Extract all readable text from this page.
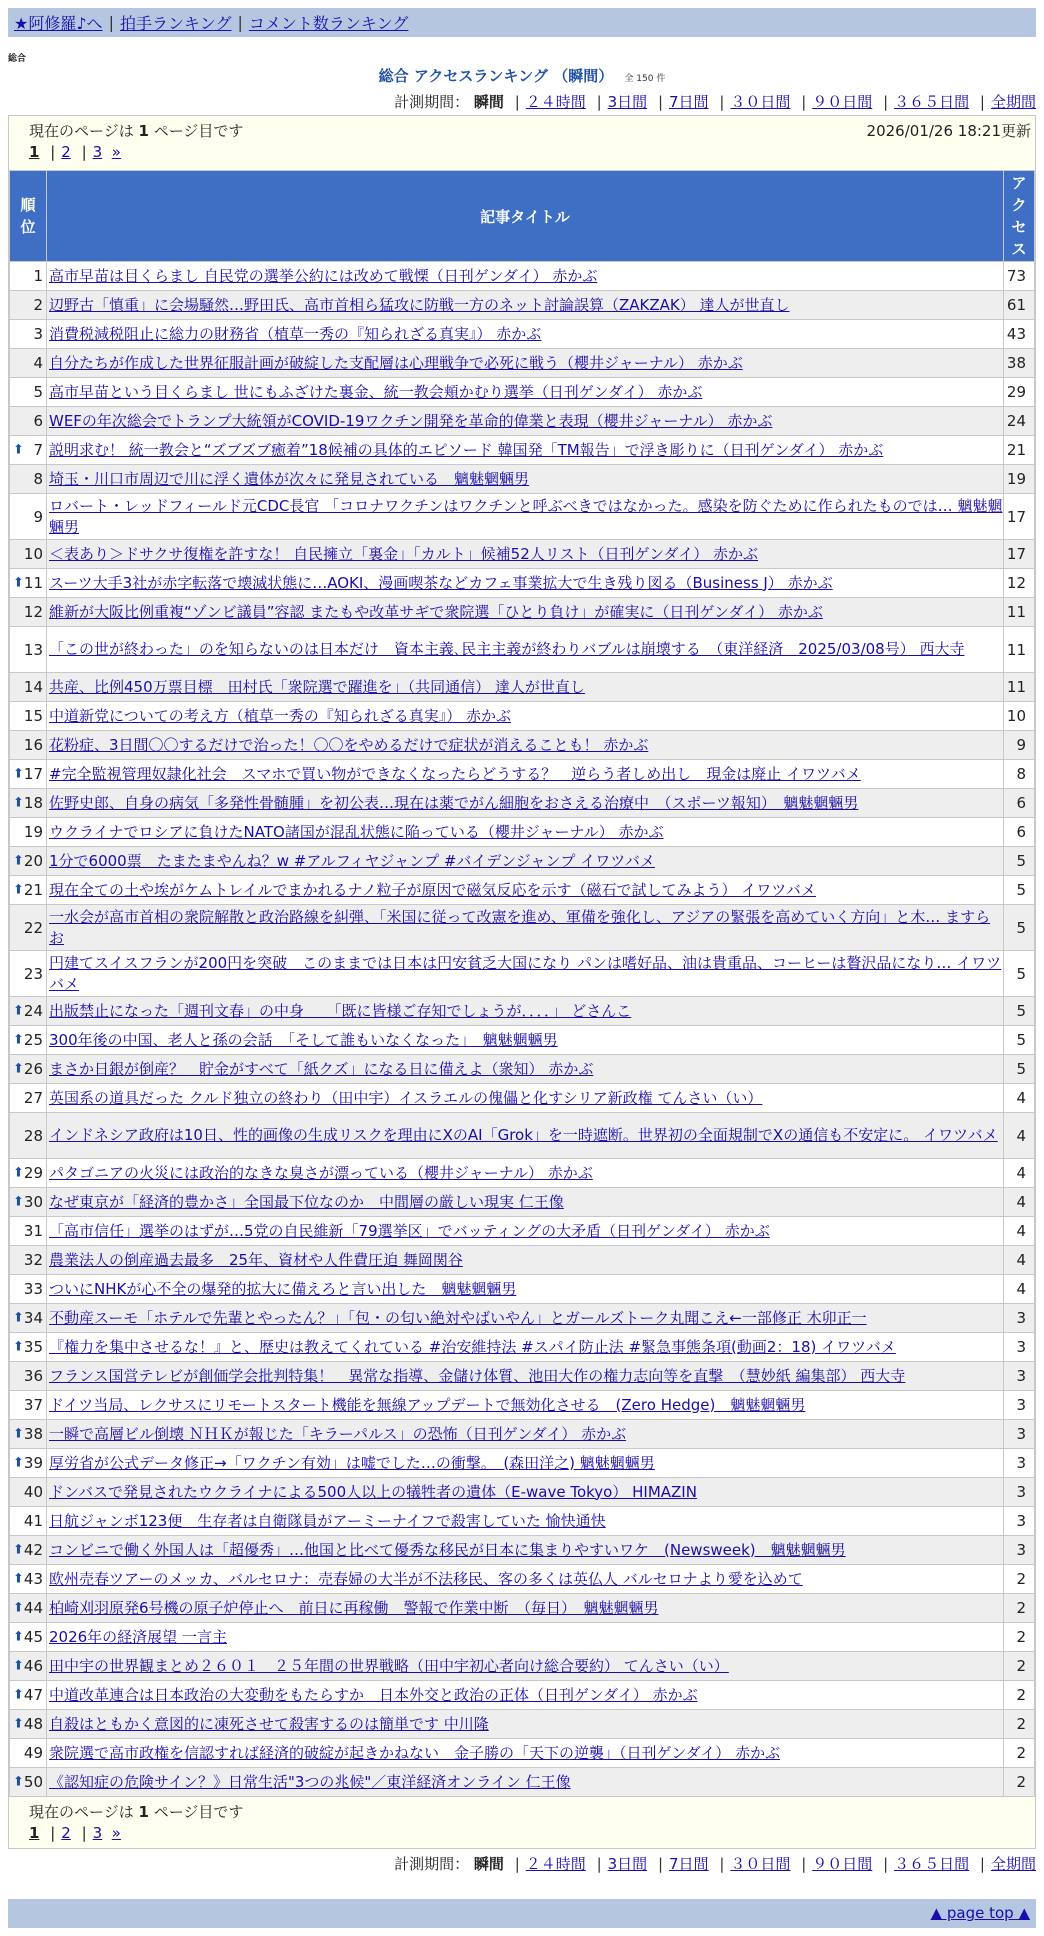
★阿修羅♪へ | 拍手ランキング | コメント数ランキング
総合
総合 アクセスランキング （瞬間） 全 150 件
計測期間： 瞬間 | ２４時間 | 3日間 | 7日間 | ３０日間 | ９０日間 | ３６５日間 | 全期間
現在のページは 1 ページ目です	2026/01/26 18:21更新
1 | 2 | 3 »
順位	記事タイトル	アクセス
1	高市早苗は目くらまし 自民党の選挙公約には改めて戦慄（日刊ゲンダイ） 赤かぶ	73
2	辺野古「慎重」に会場騒然…野田氏、高市首相ら猛攻に防戦一方のネット討論誤算（ZAKZAK） 達人が世直し	61
3	消費税減税阻止に総力の財務省（植草一秀の『知られざる真実』） 赤かぶ	43
4	自分たちが作成した世界征服計画が破綻した支配層は心理戦争で必死に戦う（櫻井ジャーナル） 赤かぶ	38
5	高市早苗という目くらまし 世にもふざけた裏金、統一教会頬かむり選挙（日刊ゲンダイ） 赤かぶ	29
6	WEFの年次総会でトランプ大統領がCOVID-19ワクチン開発を革命的偉業と表現（櫻井ジャーナル） 赤かぶ	24

⬆ 7	説明求む！ 統一教会と“ズブズブ癒着”18候補の具体的エピソード 韓国発「TM報告」で浮き彫りに（日刊ゲンダイ） 赤かぶ	21
8	埼玉・川口市周辺で川に浮く遺体が次々に発見されている　魑魅魍魎男	19
9	ロバート・レッドフィールド元CDC長官 「コロナワクチンはワクチンと呼ぶべきではなかった。感染を防ぐために作られたものでは… 魑魅魍魎男	17
10	＜表あり＞ドサクサ復権を許すな！ 自民擁立「裏金」「カルト」候補52人リスト（日刊ゲンダイ） 赤かぶ	17

⬆ 11	スーツ大手3社が赤字転落で壊滅状態に…AOKI、漫画喫茶などカフェ事業拡大で生き残り図る（Business J） 赤かぶ	12
12	維新が大阪比例重複“ゾンビ議員”容認 またもや改革サギで衆院選「ひとり負け」が確実に（日刊ゲンダイ） 赤かぶ	11
13	「この世が終わった」のを知らないのは日本だけ　資本主義､民主主義が終わりバブルは崩壊する　（東洋経済　2025/03/08号） 西大寺	11
14	共産、比例450万票目標　田村氏「衆院選で躍進を」（共同通信） 達人が世直し	11
15	中道新党についての考え方（植草一秀の『知られざる真実』） 赤かぶ	10
16	花粉症、3日間〇〇するだけで治った！〇〇をやめるだけで症状が消えることも！ 赤かぶ	9

⬆ 17	#完全監視管理奴隷化社会　スマホで買い物ができなくなったらどうする？　逆らう者しめ出し　現金は廃止 イワツバメ	8

⬆ 18	佐野史郎、自身の病気「多発性骨髄腫」を初公表…現在は薬でがん細胞をおさえる治療中　（スポーツ報知）　魑魅魍魎男	6
19	ウクライナでロシアに負けたNATO諸国が混乱状態に陥っている（櫻井ジャーナル） 赤かぶ	6

⬆ 20	1分で6000票　たまたまやんね？w #アルフィヤジャンプ #バイデンジャンプ イワツバメ	5

⬆ 21	現在全ての土や埃がケムトレイルでまかれるナノ粒子が原因で磁気反応を示す（磁石で試してみよう） イワツバメ	5
22	一水会が高市首相の衆院解散と政治路線を糾弾、「米国に従って改憲を進め、軍備を強化し、アジアの緊張を高めていく方向」と木… ますらお	5
23	円建てスイスフランが200円を突破　このままでは日本は円安貧乏大国になり パンは嗜好品、油は貴重品、コーヒーは贅沢品になり… イワツバメ	5

⬆ 24	出版禁止になった「週刊文春」の中身　　「既に皆様ご存知でしょうが．．．．」 どさんこ	5

⬆ 25	300年後の中国、老人と孫の会話　「そして誰もいなくなった」　魑魅魍魎男	5

⬆ 26	まさか日銀が倒産？　貯金がすべて「紙クズ」になる日に備えよ（衆知） 赤かぶ	5
27	英国系の道具だった クルド独立の終わり（田中宇）イスラエルの傀儡と化すシリア新政権 てんさい（い）	4
28	インドネシア政府は10日、性的画像の生成リスクを理由にXのAI「Grok」を一時遮断。世界初の全面規制でXの通信も不安定に。 イワツバメ	4

⬆ 29	パタゴニアの火災には政治的なきな臭さが漂っている（櫻井ジャーナル） 赤かぶ	4

⬆ 30	なぜ東京が「経済的豊かさ」全国最下位なのか　中間層の厳しい現実 仁王像	4
31	「高市信任」選挙のはずが…5党の自民維新「79選挙区」でバッティングの大矛盾（日刊ゲンダイ） 赤かぶ	4
32	農業法人の倒産過去最多　25年、資材や人件費圧迫 舞岡関谷	4
33	ついにNHKが心不全の爆発的拡大に備えろと言い出した　魑魅魍魎男	4

⬆ 34	不動産スーモ「ホテルで先輩とやったん？」「包・の匂い絶対やばいやん」とガールズトーク丸聞こえ←一部修正 木卯正一	3

⬆ 35	『権力を集中させるな！』と、歴史は教えてくれている #治安維持法 #スパイ防止法 #緊急事態条項(動画2：18) イワツバメ	3
36	フランス国営テレビが創価学会批判特集！　異常な指導、金儲け体質、池田大作の権力志向等を直撃　（慧妙紙 編集部） 西大寺	3
37	ドイツ当局、レクサスにリモートスタート機能を無線アップデートで無効化させる　(Zero Hedge)　魑魅魍魎男	3

⬆ 38	一瞬で高層ビル倒壊 ＮＨＫが報じた「キラーパルス」の恐怖（日刊ゲンダイ） 赤かぶ	3

⬆ 39	厚労省が公式データ修正→「ワクチン有効」は嘘でした…の衝撃。　(森田洋之) 魑魅魍魎男	3
40	ドンバスで発見されたウクライナによる500人以上の犠牲者の遺体（E-wave Tokyo） HIMAZIN	3
41	日航ジャンボ123便　生存者は自衛隊員がアーミーナイフで殺害していた 愉快通快	3

⬆ 42	コンビニで働く外国人は「超優秀」…他国と比べて優秀な移民が日本に集まりやすいワケ　(Newsweek)　魑魅魍魎男	3

⬆ 43	欧州売春ツアーのメッカ、バルセロナ：売春婦の大半が不法移民、客の多くは英仏人 バルセロナより愛を込めて	2

⬆ 44	柏崎刈羽原発6号機の原子炉停止へ　前日に再稼働　警報で作業中断　（毎日）　魑魅魍魎男	2

⬆ 45	2026年の経済展望 一言主	2

⬆ 46	田中宇の世界観まとめ２６０１　２５年間の世界戦略（田中宇初心者向け総合要約） てんさい（い）	2

⬆ 47	中道改革連合は日本政治の大変動をもたらすか　日本外交と政治の正体（日刊ゲンダイ） 赤かぶ	2

⬆ 48	自殺はともかく意図的に凍死させて殺害するのは簡単です 中川隆	2
49	衆院選で高市政権を信認すれば経済的破綻が起きかねない　金子勝の「天下の逆襲」（日刊ゲンダイ） 赤かぶ	2

⬆ 50	《認知症の危険サイン？》日常生活"3つの兆候"／東洋経済オンライン 仁王像	2
現在のページは 1 ページ目です
1 | 2 | 3 »
計測期間： 瞬間 | ２４時間 | 3日間 | 7日間 | ３０日間 | ９０日間 | ３６５日間 | 全期間
▲ page top ▲
